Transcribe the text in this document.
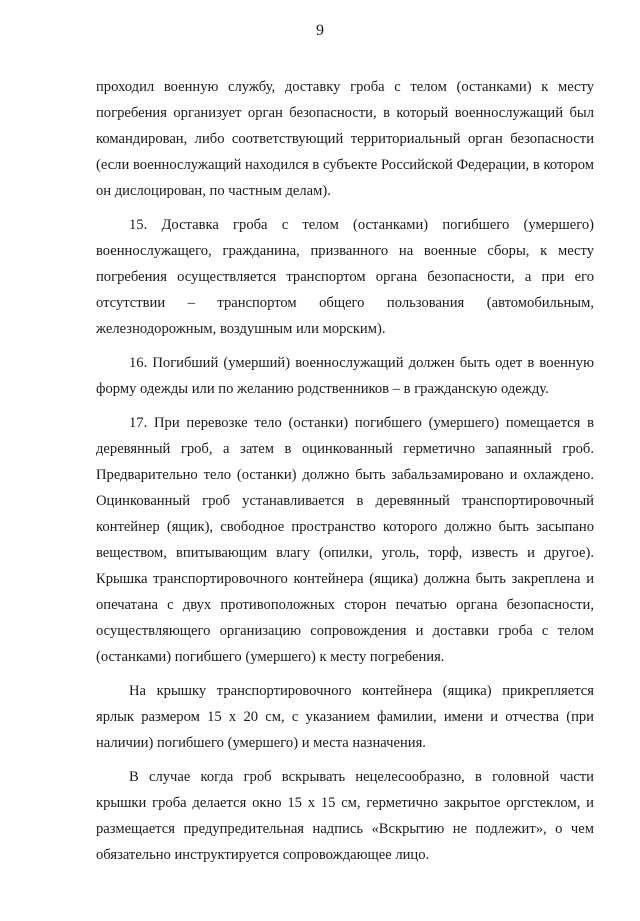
9

проходил военную службу, доставку гроба с телом (останками) к месту погребения организует орган безопасности, в который военнослужащий был командирован, либо соответствующий территориальный орган безопасности (если военнослужащий находился в субъекте Российской Федерации, в котором он дислоцирован, по частным делам).

15. Доставка гроба с телом (останками) погибшего (умершего) военнослужащего, гражданина, призванного на военные сборы, к месту погребения осуществляется транспортом органа безопасности, а при его отсутствии – транспортом общего пользования (автомобильным, железнодорожным, воздушным или морским).

16. Погибший (умерший) военнослужащий должен быть одет в военную форму одежды или по желанию родственников – в гражданскую одежду.

17. При перевозке тело (останки) погибшего (умершего) помещается в деревянный гроб, а затем в оцинкованный герметично запаянный гроб. Предварительно тело (останки) должно быть забальзамировано и охлаждено. Оцинкованный гроб устанавливается в деревянный транспортировочный контейнер (ящик), свободное пространство которого должно быть засыпано веществом, впитывающим влагу (опилки, уголь, торф, известь и другое). Крышка транспортировочного контейнера (ящика) должна быть закреплена и опечатана с двух противоположных сторон печатью органа безопасности, осуществляющего организацию сопровождения и доставки гроба с телом (останками) погибшего (умершего) к месту погребения.

На крышку транспортировочного контейнера (ящика) прикрепляется ярлык размером 15 х 20 см, с указанием фамилии, имени и отчества (при наличии) погибшего (умершего) и места назначения.

В случае когда гроб вскрывать нецелесообразно, в головной части крышки гроба делается окно 15 х 15 см, герметично закрытое оргстеклом, и размещается предупредительная надпись «Вскрытию не подлежит», о чем обязательно инструктируется сопровождающее лицо.
